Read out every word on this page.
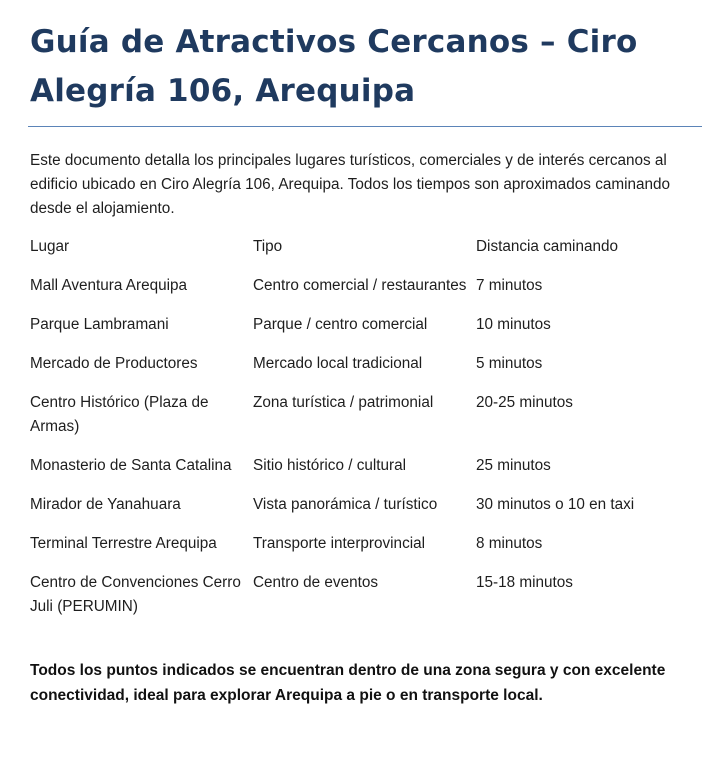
Guía de Atractivos Cercanos – Ciro Alegría 106, Arequipa

Este documento detalla los principales lugares turísticos, comerciales y de interés cercanos al edificio ubicado en Ciro Alegría 106, Arequipa. Todos los tiempos son aproximados caminando desde el alojamiento.

Lugar	Tipo	Distancia caminando
Mall Aventura Arequipa	Centro comercial / restaurantes	7 minutos
Parque Lambramani	Parque / centro comercial	10 minutos
Mercado de Productores	Mercado local tradicional	5 minutos
Centro Histórico (Plaza de Armas)	Zona turística / patrimonial	20-25 minutos
Monasterio de Santa Catalina	Sitio histórico / cultural	25 minutos
Mirador de Yanahuara	Vista panorámica / turístico	30 minutos o 10 en taxi
Terminal Terrestre Arequipa	Transporte interprovincial	8 minutos
Centro de Convenciones Cerro Juli (PERUMIN)	Centro de eventos	15-18 minutos

Todos los puntos indicados se encuentran dentro de una zona segura y con excelente conectividad, ideal para explorar Arequipa a pie o en transporte local.
